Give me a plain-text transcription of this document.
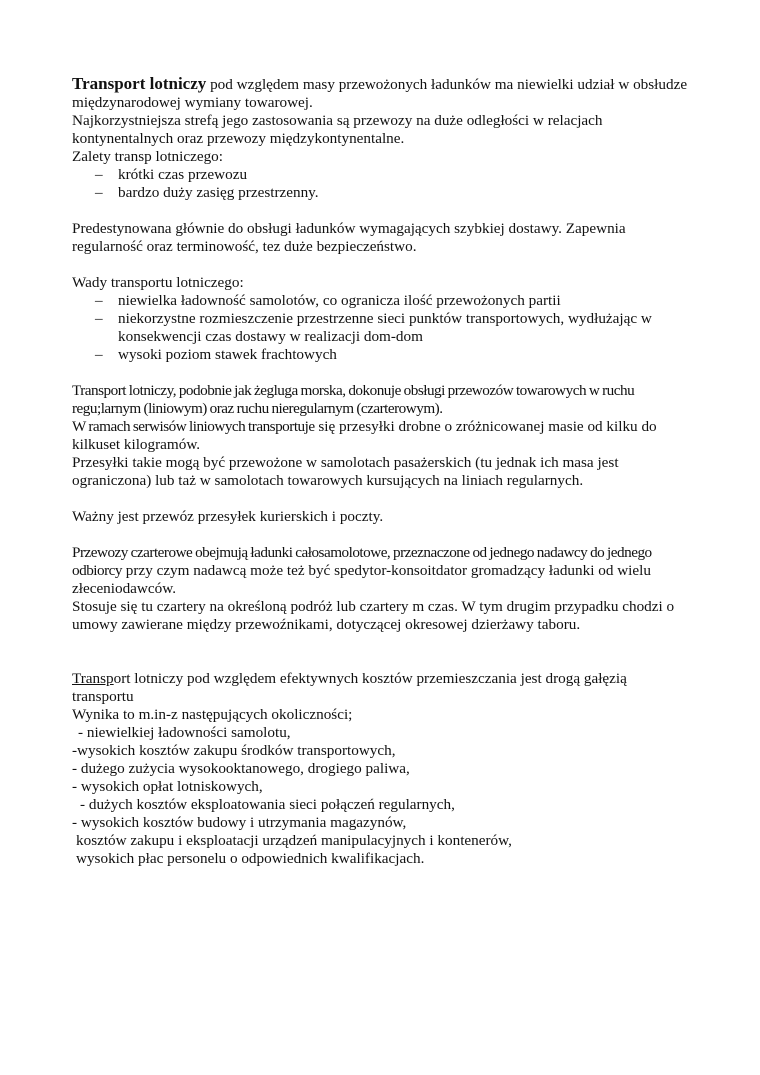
Transport lotniczy pod względem masy przewożonych ładunków ma niewielki udział w obsłudze międzynarodowej wymiany towarowej.

Najkorzystniejsza strefą jego zastosowania są przewozy na duże odległości w relacjach kontynentalnych oraz przewozy międzykontynentalne.

Zalety transp lotniczego:

– krótki czas przewozu
– bardzo duży zasięg przestrzenny.

Predestynowana głównie do obsługi ładunków wymagających szybkiej dostawy. Zapewnia regularność oraz terminowość, tez duże bezpieczeństwo.

Wady transportu lotniczego:

– niewielka ładowność samolotów, co ogranicza ilość przewożonych partii
– niekorzystne rozmieszczenie przestrzenne sieci punktów transportowych, wydłużając w konsekwencji czas dostawy w realizacji dom-dom
– wysoki poziom stawek frachtowych

Transport lotniczy, podobnie jak żegluga morska, dokonuje obsługi przewozów towarowych w ruchu regu;larnym (liniowym) oraz ruchu nieregularnym (czarterowym).

W ramach serwisów liniowych transportuje się przesyłki drobne o zróżnicowanej masie od kilku do kilkuset kilogramów.

Przesyłki takie mogą być przewożone w samolotach pasażerskich (tu jednak ich masa jest ograniczona) lub taż w samolotach towarowych kursujących na liniach regularnych.

Ważny jest przewóz przesyłek kurierskich i poczty.

Przewozy czarterowe obejmują ładunki całosamolotowe, przeznaczone od jednego nadawcy do jednego odbiorcy przy czym nadawcą może też być spedytor-konsoitdator gromadzący ładunki od wielu złeceniodawców.

Stosuje się tu czartery na określoną podróż lub czartery m czas. W tym drugim przypadku chodzi o umowy zawierane między przewoźnikami, dotyczącej okresowej dzierżawy taboru.

Transport lotniczy pod względem efektywnych kosztów przemieszczania jest drogą gałęzią transportu

Wynika to m.in-z następujących okoliczności;

- niewielkiej ładowności samolotu,

-wysokich kosztów zakupu środków transportowych,

- dużego zużycia wysokooktanowego, drogiego paliwa,

- wysokich opłat lotniskowych,

- dużych kosztów eksploatowania sieci połączeń regularnych,

- wysokich kosztów budowy i utrzymania magazynów,

kosztów zakupu i eksploatacji urządzeń manipulacyjnych i kontenerów,

wysokich płac personelu o odpowiednich kwalifikacjach.
